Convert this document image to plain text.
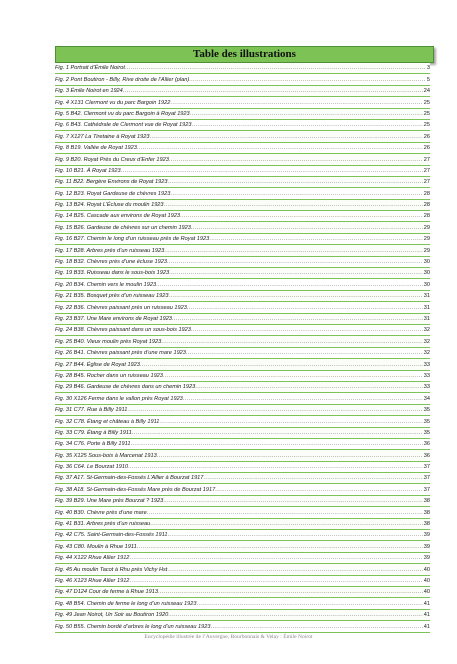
Table des illustrations
Fig. 1 Portrait d’Émile Noirot .....	3
Fig. 2 Pont Boutiron - Billy, Rive droite de l’Allier (plan) .....	5
Fig. 3 Émile Noirot en 1924 .....	24
Fig. 4 X131 Clermont vu du parc Bargoin 1922 .....	25
Fig. 5 B42. Clermont vu du parc Bargoin à Royat 1923 .....	25
Fig. 6 B43. Cathédrale de Clermont vue de Royat 1923 .....	25
Fig. 7 X127 La Tiretaine à Royat 1923 .....	26
Fig. 8 B19. Vallée de Royat 1923 .....	26
Fig. 9 B20. Royat Près du Creux d’Enfer 1923 .....	27
Fig. 10 B21. À Royat 1923 .....	27
Fig. 11 B22. Bergère Environs de Royat 1923 .....	27
Fig. 12 B23. Royat Gardeuse de chèvres 1923 .....	28
Fig. 13 B24. Royat L’Écluse du moulin 1923 .....	28
Fig. 14 B25. Cascade aux environs de Royat 1923 .....	28
Fig. 15 B26. Gardeuse de chèvres sur un chemin 1923 .....	29
Fig. 16 B27. Chemin le long d’un ruisseau près de Royat 1923 .....	29
Fig. 17 B28. Arbres près d’un ruisseau 1923 .....	29
Fig. 18 B32. Chèvres près d’une écluse 1923 .....	30
Fig. 19 B33. Ruisseau dans le sous-bois 1923 .....	30
Fig. 20 B34. Chemin vers le moulin 1923 .....	30
Fig. 21 B35. Bosquet près d’un ruisseau 1923 .....	31
Fig. 22 B36. Chèvres paissant près un ruisseau 1923 .....	31
Fig. 23 B37. Une Mare environs de Royat 1923 .....	31
Fig. 24 B38. Chèvres paissant dans un sous-bois 1923 .....	32
Fig. 25 B40. Vieux moulin près Royat 1923 .....	32
Fig. 26 B41. Chèvres paissant près d’une mare 1923 .....	32
Fig. 27 B44. Église de Royat 1923 .....	33
Fig. 28 B45. Rocher dans un ruisseau 1923 .....	33
Fig. 29 B46. Gardeuse de chèvres dans un chemin 1923 .....	33
Fig. 30 X126 Ferme dans le vallon près Royat 1923 .....	34
Fig. 31 C77. Rue à Billy 1911 .....	35
Fig. 32 C78. Étang et château à Billy 1911 .....	35
Fig. 33 C79. Étang à Billy 1911 .....	35
Fig. 34 C76. Porte à Billy 1911 .....	36
Fig. 35 X125 Sous-bois à Marcenat 1913 .....	36
Fig. 36 C64. Le Bourzat 1910 .....	37
Fig. 37 A17. St-Germain-des-Fossés L’Allier à Bourzat 1917 .....	37
Fig. 38 A18. St-Germain-des-Fossés Mare près de Bourzat 1917 .....	37
Fig. 39 B29. Une Mare près Bourzat ? 1923 .....	38
Fig. 40 B30. Chèvre près d’une mare .....	38
Fig. 41 B31. Arbres près d’un ruisseau .....	38
Fig. 42 C75. Saint-Germain-des-Fossés 1911 .....	39
Fig. 43 C80. Moulin à Rhue 1911 .....	39
Fig. 44 X122 Rhue Allier 1912 .....	39
Fig. 45 Au moulin Tacot à Rhu près Vichy Hst .....	40
Fig. 46 X123 Rhue Allier 1912 .....	40
Fig. 47 D124 Cour de ferme à Rhue 1913 .....	40
Fig. 48 B54. Chemin de ferme le long d’un ruisseau 1923 .....	41
Fig. 49 Jean Noirot, Un Soir au Boutiron 1920 .....	41
Fig. 50 B55. Chemin bordé d’arbres le long d’un ruisseau 1923 .....	41
Encyclopédie illustrée de l’Auvergne, Bourbonnais & Velay : Émile Noirot
